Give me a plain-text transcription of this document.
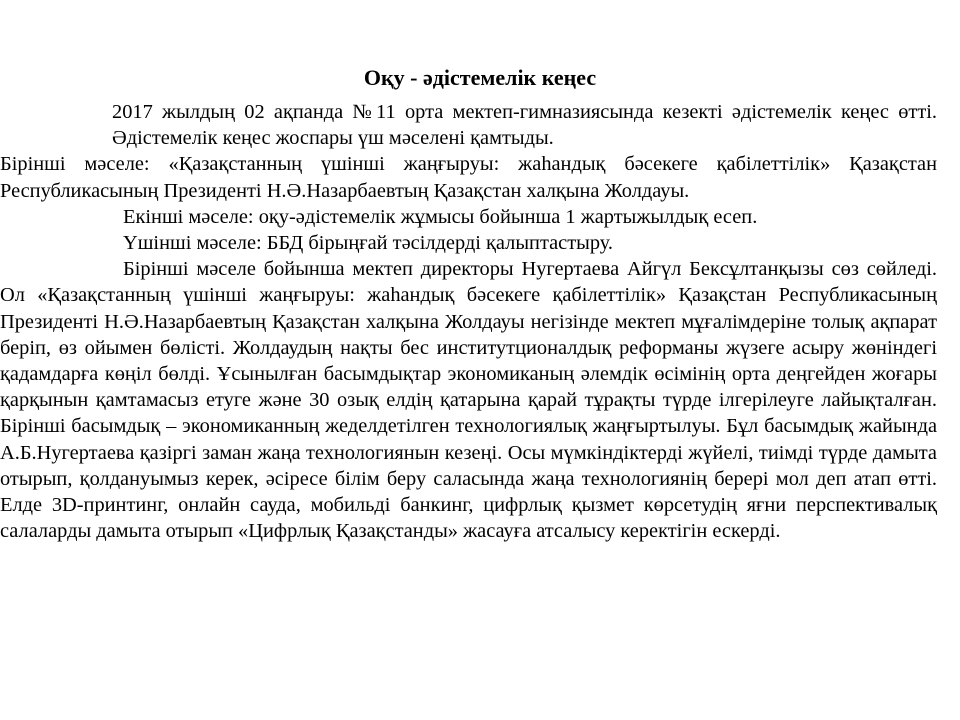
Оқу - әдістемелік кеңес

2017 жылдың 02 ақпанда №11 орта мектеп-гимназиясында кезекті әдістемелік кеңес өтті. Әдістемелік кеңес жоспары үш мәселені қамтыды.

Бірінші мәселе: «Қазақстанның үшінші жаңғыруы: жаһандық бәсекеге қабілеттілік» Қазақстан Республикасының Президенті Н.Ә.Назарбаевтың Қазақстан халқына Жолдауы.

Екінші мәселе: оқу-әдістемелік жұмысы бойынша 1 жартыжылдық есеп.

Үшінші мәселе: ББД бірыңғай тәсілдерді қалыптастыру.

Бірінші мәселе бойынша мектеп директоры Нугертаева Айгүл Бекcұлтанқызы сөз сөйледі. Ол «Қазақстанның үшінші жаңғыруы: жаһандық бәсекеге қабілеттілік» Қазақстан Республикасының Президенті Н.Ә.Назарбаевтың Қазақстан халқына Жолдауы негізінде мектеп мұғалімдеріне толық ақпарат беріп, өз ойымен бөлісті. Жолдаудың нақты бес институтционалдық реформаны жүзеге асыру жөніндегі қадамдарға көңіл бөлді. Ұсынылған басымдықтар экономиканың әлемдік өсімінің орта деңгейден жоғары қарқынын қамтамасыз етуге және 30 озық елдің қатарына қарай тұрақты түрде ілгерілеуге лайықталған. Бірінші басымдық – экономиканның жеделдетілген технологиялық жаңғыртылуы. Бұл басымдық жайында А.Б.Нугертаева қазіргі заман жаңа технологиянын кезеңі. Осы мүмкіндіктерді жүйелі, тиімді түрде дамыта отырып, қолдануымыз керек, әсіресе білім беру саласында жаңа технологиянің берері мол деп атап өтті. Елде 3D-принтинг, онлайн сауда, мобильді банкинг, цифрлық қызмет көрсетудің яғни перспективалық салаларды дамыта отырып «Цифрлық Қазақстанды» жасауға атсалысу керектігін ескерді.
